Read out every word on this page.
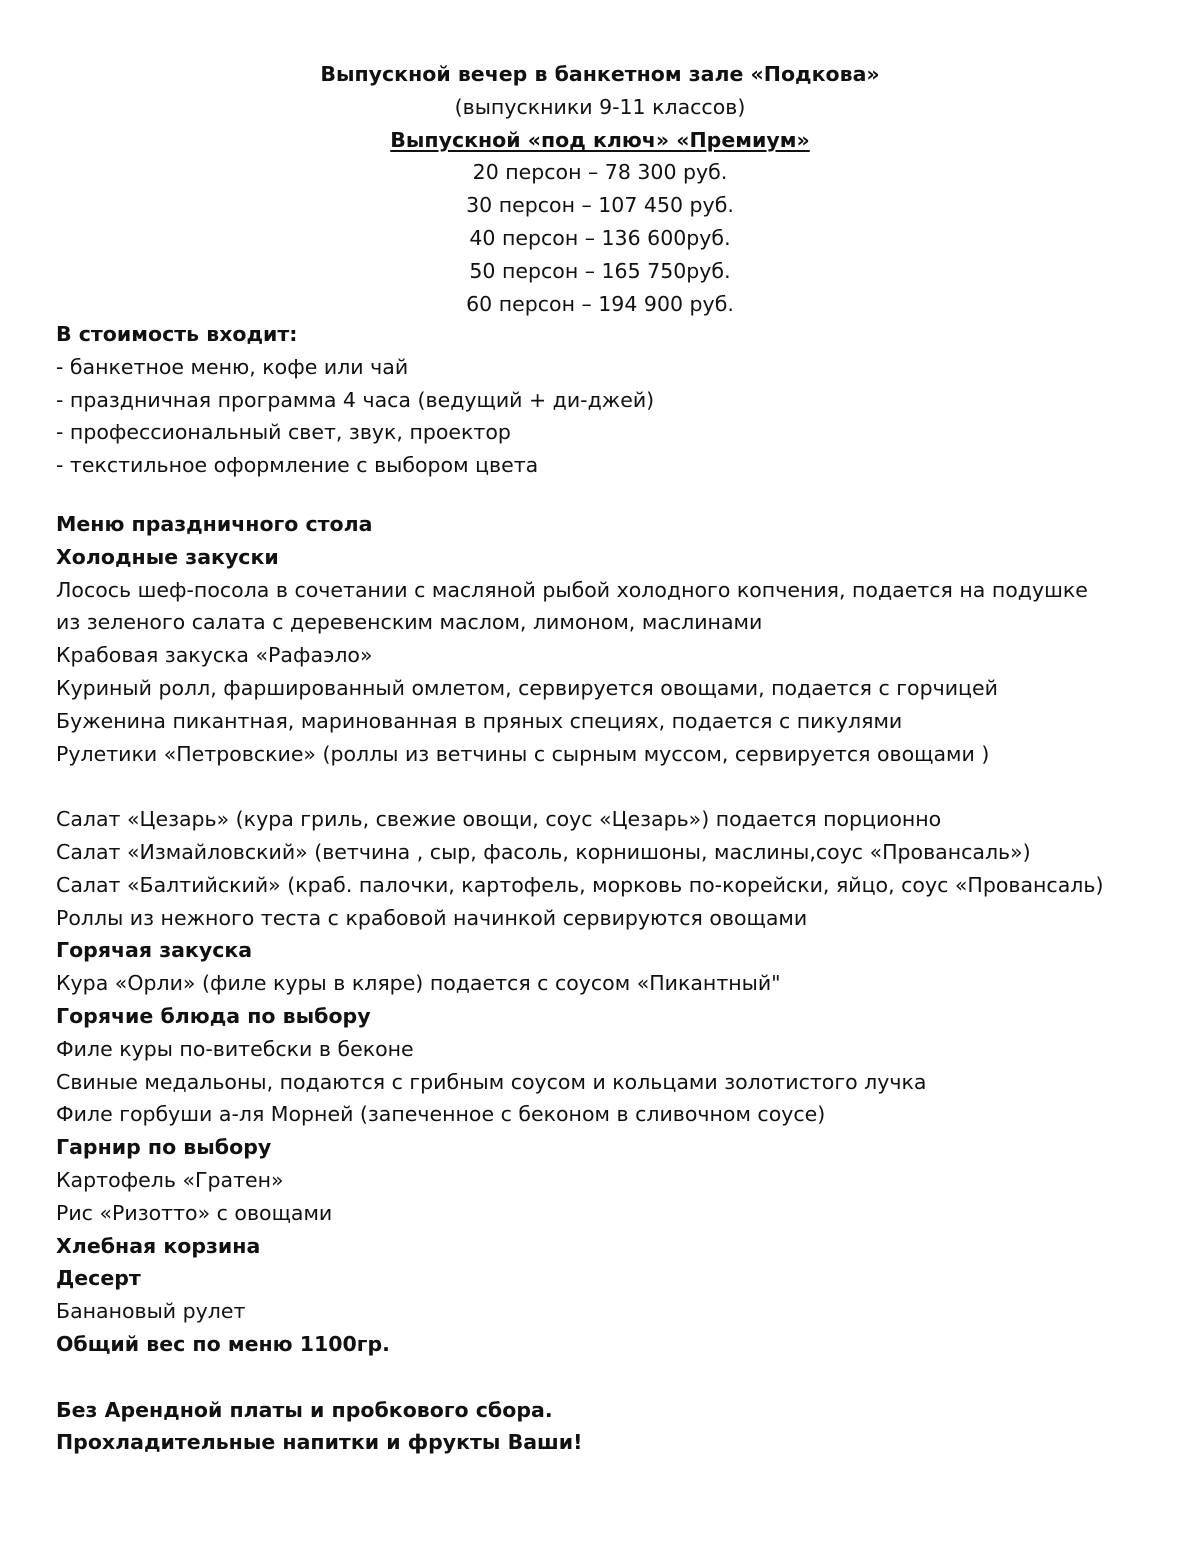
Выпускной вечер в банкетном зале «Подкова»
(выпускники 9-11 классов)
Выпускной «под ключ» «Премиум»
20 персон – 78 300 руб.
30 персон – 107 450 руб.
40 персон – 136 600руб.
50 персон – 165 750руб.
60 персон – 194 900 руб.
В стоимость входит:
- банкетное меню, кофе или чай
- праздничная программа 4 часа (ведущий + ди-джей)
- профессиональный свет, звук, проектор
- текстильное оформление с выбором цвета
Меню праздничного стола
Холодные закуски
Лосось шеф-посола в сочетании с масляной рыбой холодного копчения, подается на подушке
из зеленого салата с деревенским маслом, лимоном, маслинами
Крабовая закуска «Рафаэло»
Куриный ролл, фаршированный омлетом, сервируется овощами, подается с горчицей
Буженина пикантная, маринованная в пряных специях, подается с пикулями
Рулетики «Петровские» (роллы из ветчины с сырным муссом, сервируется овощами )
Салат «Цезарь» (кура гриль, свежие овощи, соус «Цезарь») подается порционно
Салат «Измайловский» (ветчина , сыр, фасоль, корнишоны, маслины,соус «Провансаль»)
Салат «Балтийский» (краб. палочки, картофель, морковь по-корейски, яйцо, соус «Провансаль)
Роллы из нежного теста с крабовой начинкой сервируются овощами
Горячая закуска
Кура «Орли» (филе куры в кляре) подается с соусом «Пикантный"
Горячие блюда по выбору
Филе куры по-витебски в беконе
Свиные медальоны, подаются с грибным соусом и кольцами золотистого лучка
Филе горбуши а-ля Морней (запеченное с беконом в сливочном соусе)
Гарнир по выбору
Картофель «Гратен»
Рис «Ризотто» с овощами
Хлебная корзина
Десерт
Банановый рулет
Общий вес по меню 1100гр.
Без Арендной платы и пробкового сбора.
Прохладительные напитки и фрукты Ваши!
